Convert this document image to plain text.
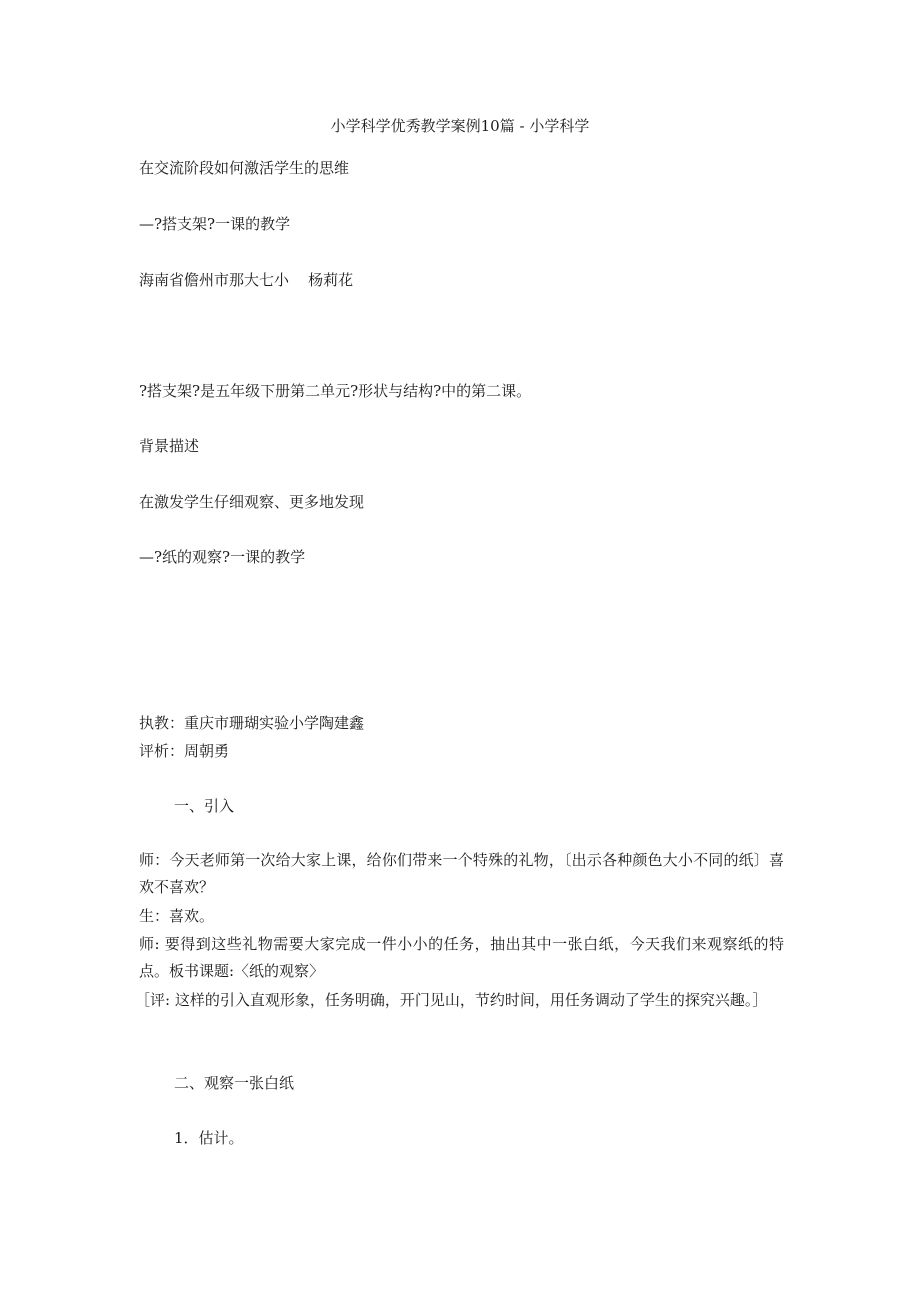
小学科学优秀教学案例10篇 - 小学科学

在交流阶段如何激活学生的思维

—?搭支架?一课的教学

海南省儋州市那大七小    杨莉花

?搭支架?是五年级下册第二单元?形状与结构?中的第二课。

背景描述

在激发学生仔细观察、更多地发现

—?纸的观察?一课的教学

执教：重庆市珊瑚实验小学陶建鑫

评析：周朝勇

一、引入

师：今天老师第一次给大家上课，给你们带来一个特殊的礼物，〔出示各种颜色大小不同的纸〕喜欢不喜欢？

生：喜欢。

师: 要得到这些礼物需要大家完成一件小小的任务，抽出其中一张白纸，今天我们来观察纸的特点。板书课题:〈纸的观察〉

［评: 这样的引入直观形象，任务明确，开门见山，节约时间，用任务调动了学生的探究兴趣。］

二、观察一张白纸

1．估计。
